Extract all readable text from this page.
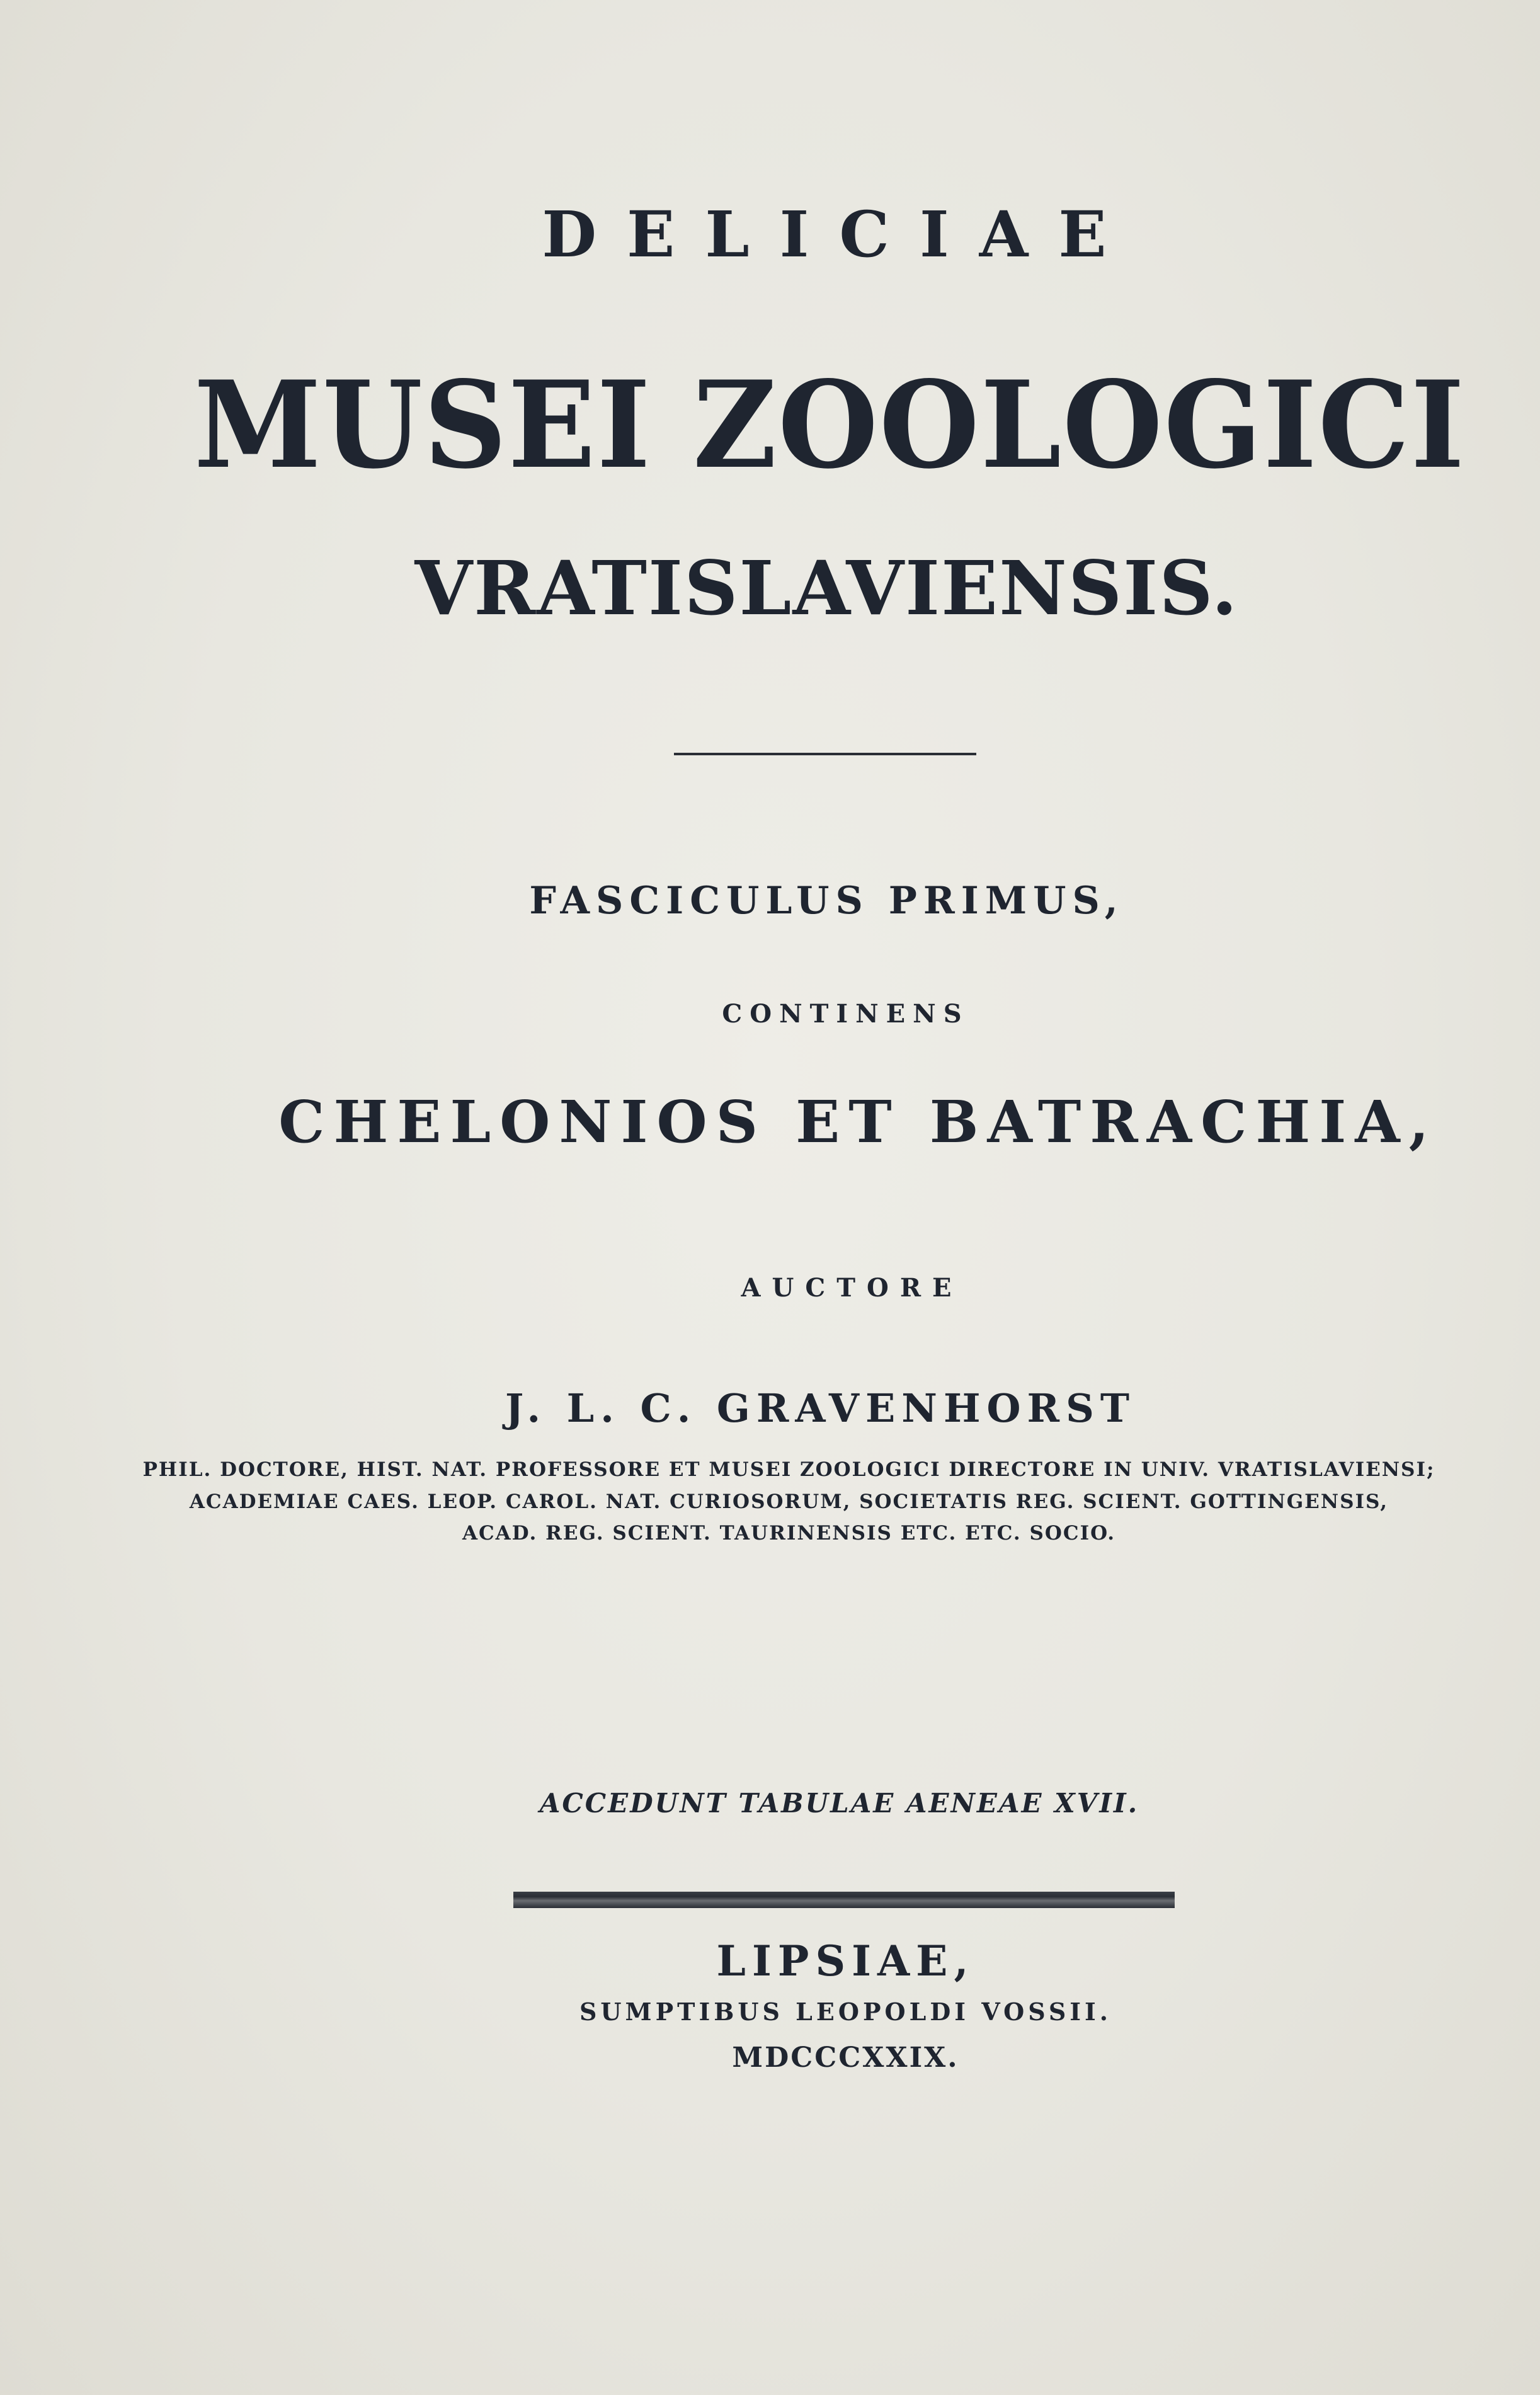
DELICIAE
MUSEI ZOOLOGICI
VRATISLAVIENSIS.
FASCICULUS PRIMUS,
CONTINENS
CHELONIOS ET BATRACHIA,
AUCTORE
J. L. C. GRAVENHORST
PHIL. DOCTORE, HIST. NAT. PROFESSORE ET MUSEI ZOOLOGICI DIRECTORE IN UNIV. VRATISLAVIENSI;
ACADEMIAE CAES. LEOP. CAROL. NAT. CURIOSORUM, SOCIETATIS REG. SCIENT. GOTTINGENSIS,
ACAD. REG. SCIENT. TAURINENSIS ETC. ETC. SOCIO.
ACCEDUNT TABULAE AENEAE XVII.
LIPSIAE,
SUMPTIBUS LEOPOLDI VOSSII.
MDCCCXXIX.
